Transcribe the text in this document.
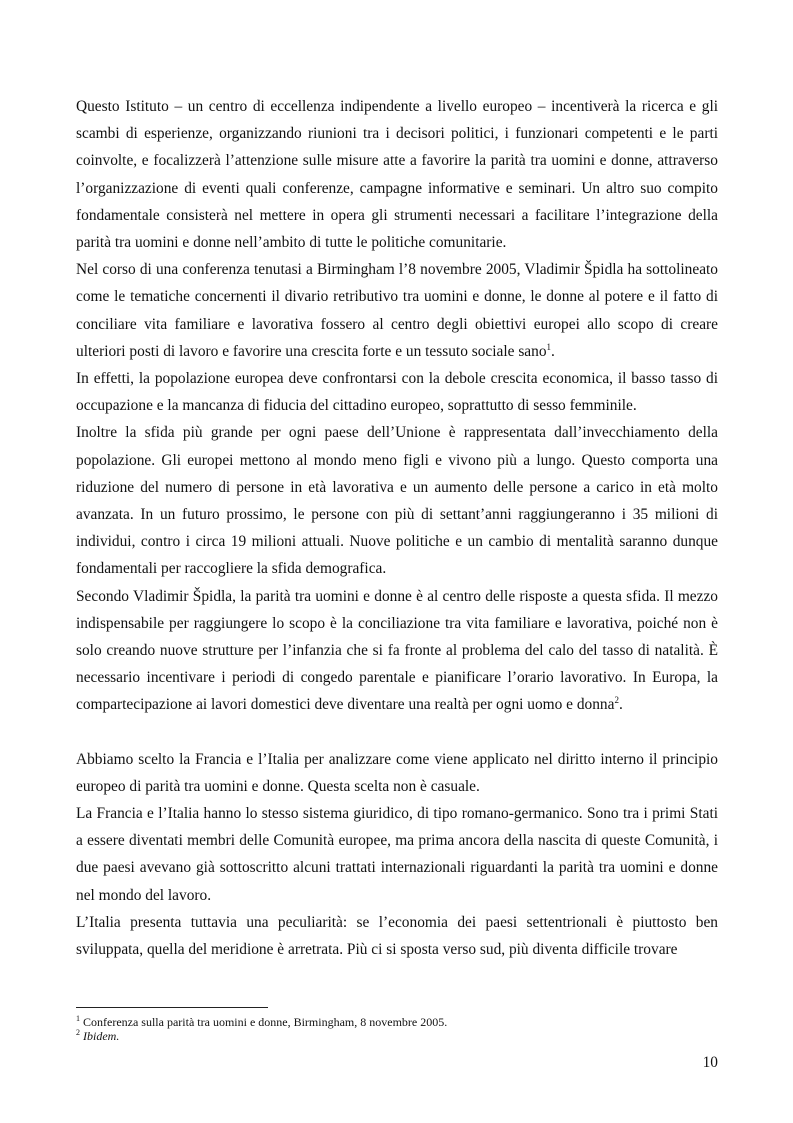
Questo Istituto – un centro di eccellenza indipendente a livello europeo – incentiverà la ricerca e gli scambi di esperienze, organizzando riunioni tra i decisori politici, i funzionari competenti e le parti coinvolte, e focalizzerà l’attenzione sulle misure atte a favorire la parità tra uomini e donne, attraverso l’organizzazione di eventi quali conferenze, campagne informative e seminari. Un altro suo compito fondamentale consisterà nel mettere in opera gli strumenti necessari a facilitare l’integrazione della parità tra uomini e donne nell’ambito di tutte le politiche comunitarie.

Nel corso di una conferenza tenutasi a Birmingham l’8 novembre 2005, Vladimir Špidla ha sottolineato come le tematiche concernenti il divario retributivo tra uomini e donne, le donne al potere e il fatto di conciliare vita familiare e lavorativa fossero al centro degli obiettivi europei allo scopo di creare ulteriori posti di lavoro e favorire una crescita forte e un tessuto sociale sano$^1$.

In effetti, la popolazione europea deve confrontarsi con la debole crescita economica, il basso tasso di occupazione e la mancanza di fiducia del cittadino europeo, soprattutto di sesso femminile.

Inoltre la sfida più grande per ogni paese dell’Unione è rappresentata dall’invecchiamento della popolazione. Gli europei mettono al mondo meno figli e vivono più a lungo. Questo comporta una riduzione del numero di persone in età lavorativa e un aumento delle persone a carico in età molto avanzata. In un futuro prossimo, le persone con più di settant’anni raggiungeranno i 35 milioni di individui, contro i circa 19 milioni attuali. Nuove politiche e un cambio di mentalità saranno dunque fondamentali per raccogliere la sfida demografica.

Secondo Vladimir Špidla, la parità tra uomini e donne è al centro delle risposte a questa sfida. Il mezzo indispensabile per raggiungere lo scopo è la conciliazione tra vita familiare e lavorativa, poiché non è solo creando nuove strutture per l’infanzia che si fa fronte al problema del calo del tasso di natalità. È necessario incentivare i periodi di congedo parentale e pianificare l’orario lavorativo. In Europa, la compartecipazione ai lavori domestici deve diventare una realtà per ogni uomo e donna$^2$.

Abbiamo scelto la Francia e l’Italia per analizzare come viene applicato nel diritto interno il principio europeo di parità tra uomini e donne. Questa scelta non è casuale.

La Francia e l’Italia hanno lo stesso sistema giuridico, di tipo romano-germanico. Sono tra i primi Stati a essere diventati membri delle Comunità europee, ma prima ancora della nascita di queste Comunità, i due paesi avevano già sottoscritto alcuni trattati internazionali riguardanti la parità tra uomini e donne nel mondo del lavoro.

L’Italia presenta tuttavia una peculiarità: se l’economia dei paesi settentrionali è piuttosto ben sviluppata, quella del meridione è arretrata. Più ci si sposta verso sud, più diventa difficile trovare

$^1$ Conferenza sulla parità tra uomini e donne, Birmingham, 8 novembre 2005.

$^2$ Ibidem.

10
